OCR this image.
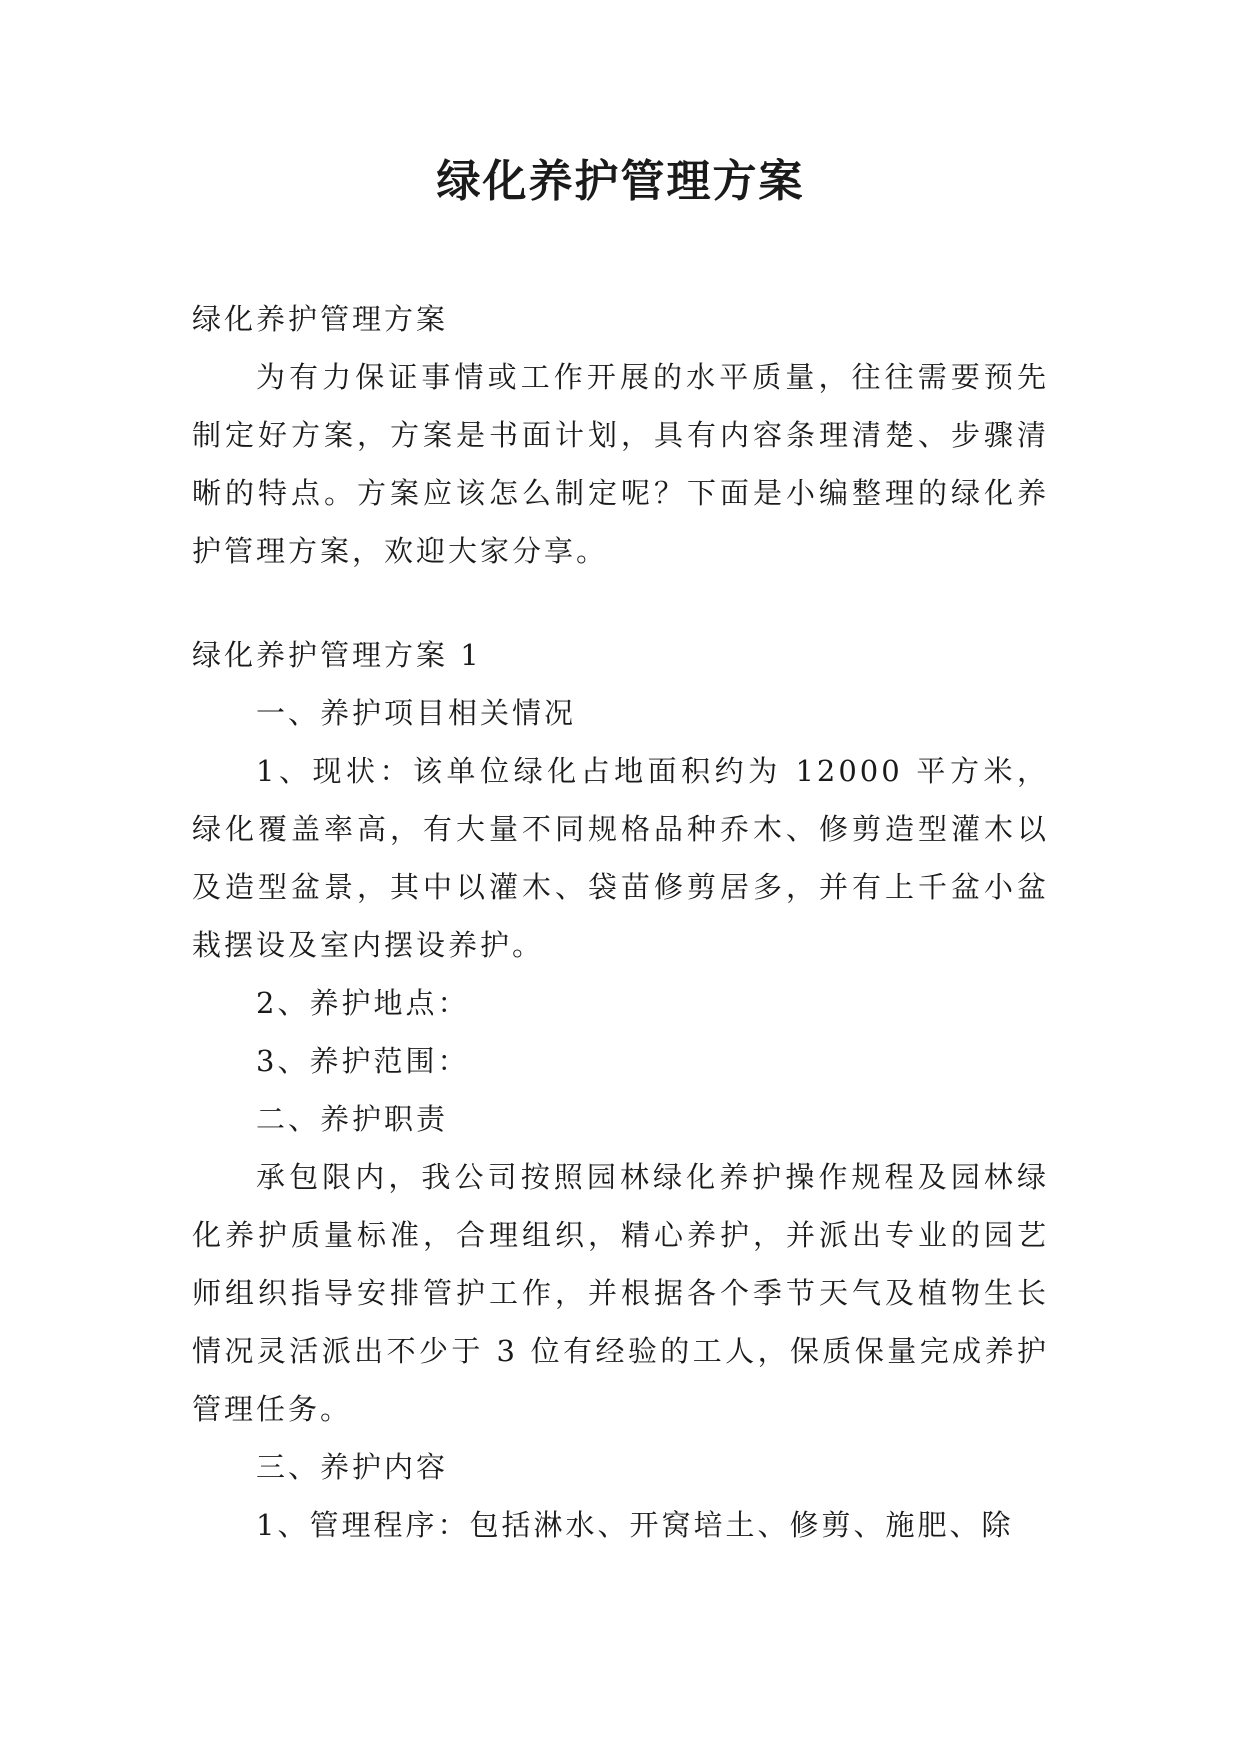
绿化养护管理方案

绿化养护管理方案

为有力保证事情或工作开展的水平质量，往往需要预先制定好方案，方案是书面计划，具有内容条理清楚、步骤清晰的特点。方案应该怎么制定呢？下面是小编整理的绿化养护管理方案，欢迎大家分享。

绿化养护管理方案 1

一、养护项目相关情况

1、现状：该单位绿化占地面积约为 12000 平方米，绿化覆盖率高，有大量不同规格品种乔木、修剪造型灌木以及造型盆景，其中以灌木、袋苗修剪居多，并有上千盆小盆栽摆设及室内摆设养护。

2、养护地点：

3、养护范围：

二、养护职责

承包限内，我公司按照园林绿化养护操作规程及园林绿化养护质量标准，合理组织，精心养护，并派出专业的园艺师组织指导安排管护工作，并根据各个季节天气及植物生长情况灵活派出不少于 3 位有经验的工人，保质保量完成养护管理任务。

三、养护内容

1、管理程序：包括淋水、开窝培土、修剪、施肥、除
